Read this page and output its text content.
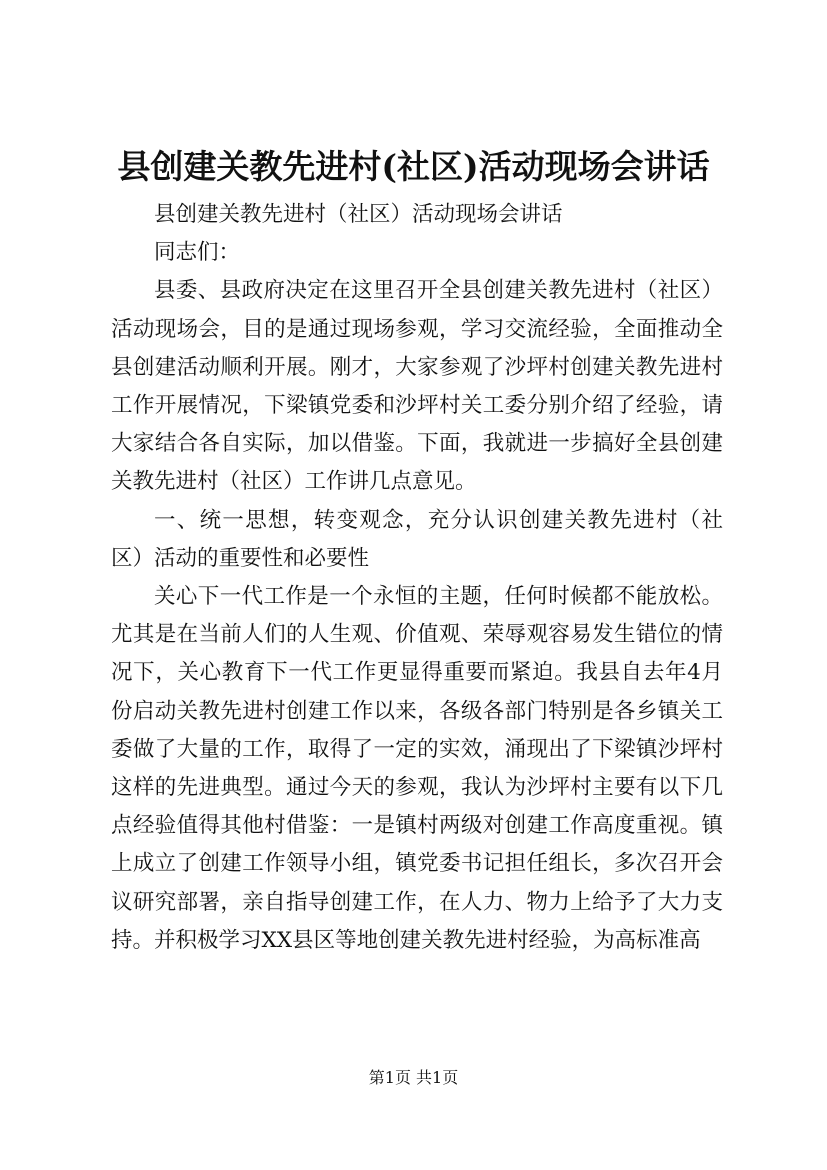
县创建关教先进村(社区)活动现场会讲话

县创建关教先进村（社区）活动现场会讲话

同志们：

县委、县政府决定在这里召开全县创建关教先进村（社区）活动现场会，目的是通过现场参观，学习交流经验，全面推动全县创建活动顺利开展。刚才，大家参观了沙坪村创建关教先进村工作开展情况，下梁镇党委和沙坪村关工委分别介绍了经验，请大家结合各自实际，加以借鉴。下面，我就进一步搞好全县创建关教先进村（社区）工作讲几点意见。

一、统一思想，转变观念，充分认识创建关教先进村（社区）活动的重要性和必要性

关心下一代工作是一个永恒的主题，任何时候都不能放松。尤其是在当前人们的人生观、价值观、荣辱观容易发生错位的情况下，关心教育下一代工作更显得重要而紧迫。我县自去年4月份启动关教先进村创建工作以来，各级各部门特别是各乡镇关工委做了大量的工作，取得了一定的实效，涌现出了下梁镇沙坪村这样的先进典型。通过今天的参观，我认为沙坪村主要有以下几点经验值得其他村借鉴：一是镇村两级对创建工作高度重视。镇上成立了创建工作领导小组，镇党委书记担任组长，多次召开会议研究部署，亲自指导创建工作，在人力、物力上给予了大力支持。并积极学习XX县区等地创建关教先进村经验，为高标准高

第1页 共1页
